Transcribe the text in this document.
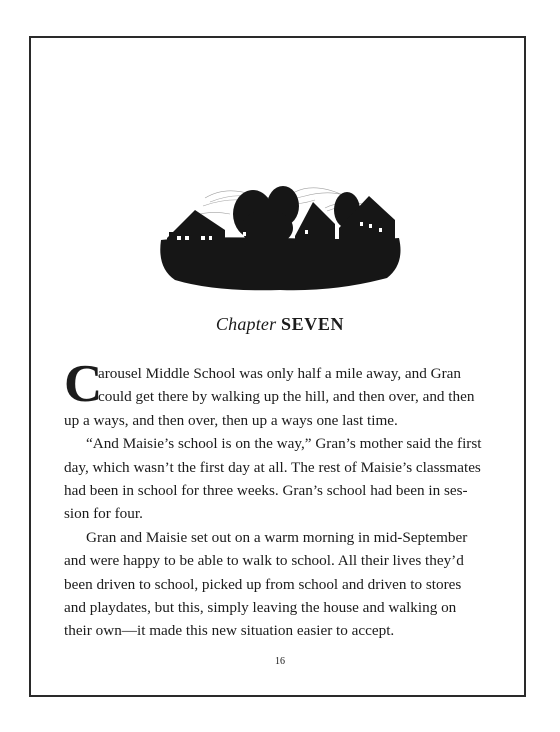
Chapter SEVEN
C
arousel Middle School was only half a mile away, and Gran
could get there by walking up the hill, and then over, and then
up a ways, and then over, then up a ways one last time.
“And Maisie’s school is on the way,” Gran’s mother said the first
day, which wasn’t the first day at all. The rest of Maisie’s classmates
had been in school for three weeks. Gran’s school had been in ses-
sion for four.
Gran and Maisie set out on a warm morning in mid-September
and were happy to be able to walk to school. All their lives they’d
been driven to school, picked up from school and driven to stores
and playdates, but this, simply leaving the house and walking on
their own—it made this new situation easier to accept.
16
